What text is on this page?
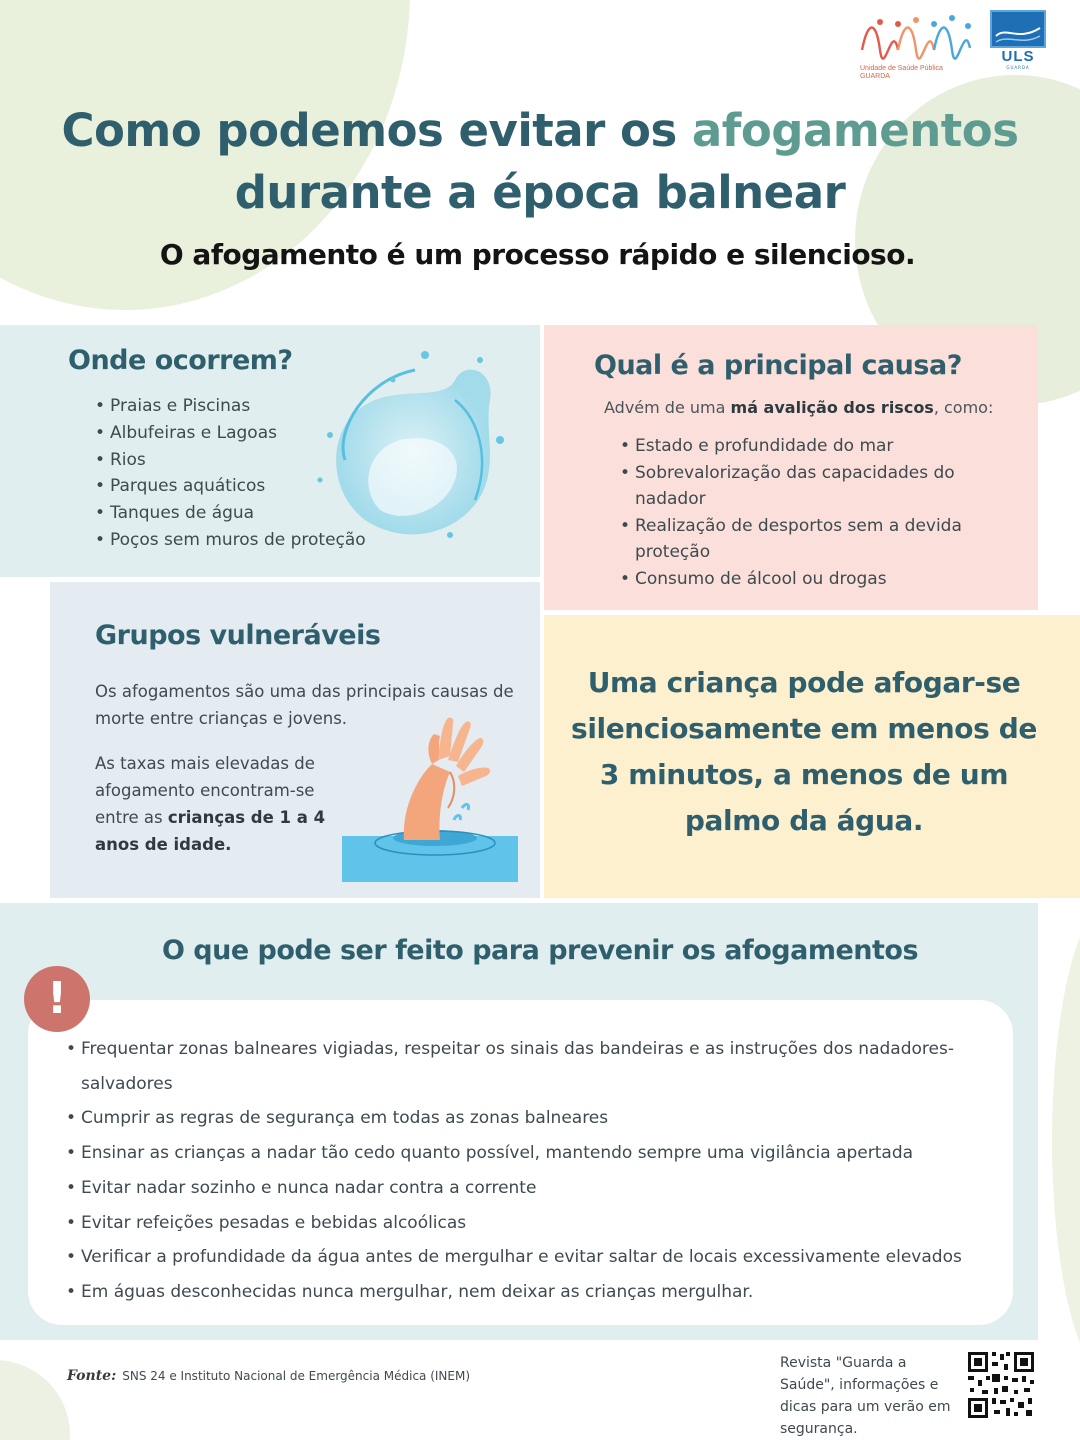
Unidade de Saúde Pública
GUARDA
ULS
GUARDA
Como podemos evitar os afogamentos
durante a época balnear
O afogamento é um processo rápido e silencioso.
Onde ocorrem?
• Praias e Piscinas
• Albufeiras e Lagoas
• Rios
• Parques aquáticos
• Tanques de água
• Poços sem muros de proteção
Qual é a principal causa?

Advém de uma má avalição dos riscos, como:

• Estado e profundidade do mar
• Sobrevalorização das capacidades do nadador
• Realização de desportos sem a devida proteção
• Consumo de álcool ou drogas
Grupos vulneráveis

Os afogamentos são uma das principais causas de morte entre crianças e jovens.

As taxas mais elevadas de afogamento encontram-se entre as crianças de 1 a 4 anos de idade.

Uma criança pode afogar-se silenciosamente em menos de 3 minutos, a menos de um palmo da água.

O que pode ser feito para prevenir os afogamentos
!
• Frequentar zonas balneares vigiadas, respeitar os sinais das bandeiras e as instruções dos nadadores-salvadores
• Cumprir as regras de segurança em todas as zonas balneares
• Ensinar as crianças a nadar tão cedo quanto possível, mantendo sempre uma vigilância apertada
• Evitar nadar sozinho e nunca nadar contra a corrente
• Evitar refeições pesadas e bebidas alcoólicas
• Verificar a profundidade da água antes de mergulhar e evitar saltar de locais excessivamente elevados
• Em águas desconhecidas nunca mergulhar, nem deixar as crianças mergulhar.
Fonte: SNS 24 e Instituto Nacional de Emergência Médica (INEM)
Revista "Guarda a Saúde", informações e dicas para um verão em segurança.
